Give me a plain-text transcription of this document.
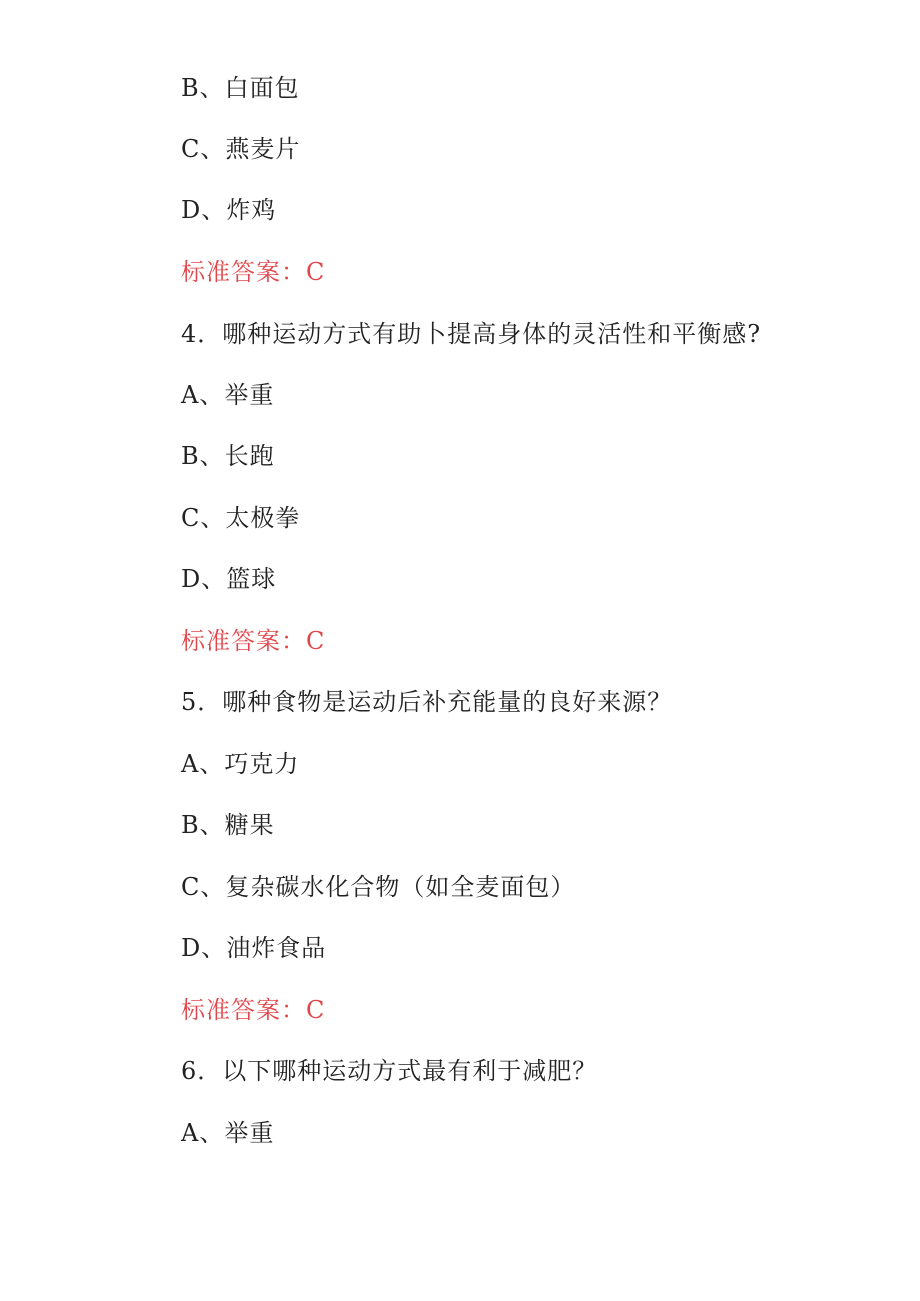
B、白面包
C、燕麦片
D、炸鸡
标准答案：C
4．哪种运动方式有助卜提高身体的灵活性和平衡感?
A、举重
B、长跑
C、太极拳
D、篮球
标准答案：C
5．哪种食物是运动后补充能量的良好来源？
A、巧克力
B、糖果
C、复杂碳水化合物（如全麦面包）
D、油炸食品
标准答案：C
6．以下哪种运动方式最有利于减肥？
A、举重
